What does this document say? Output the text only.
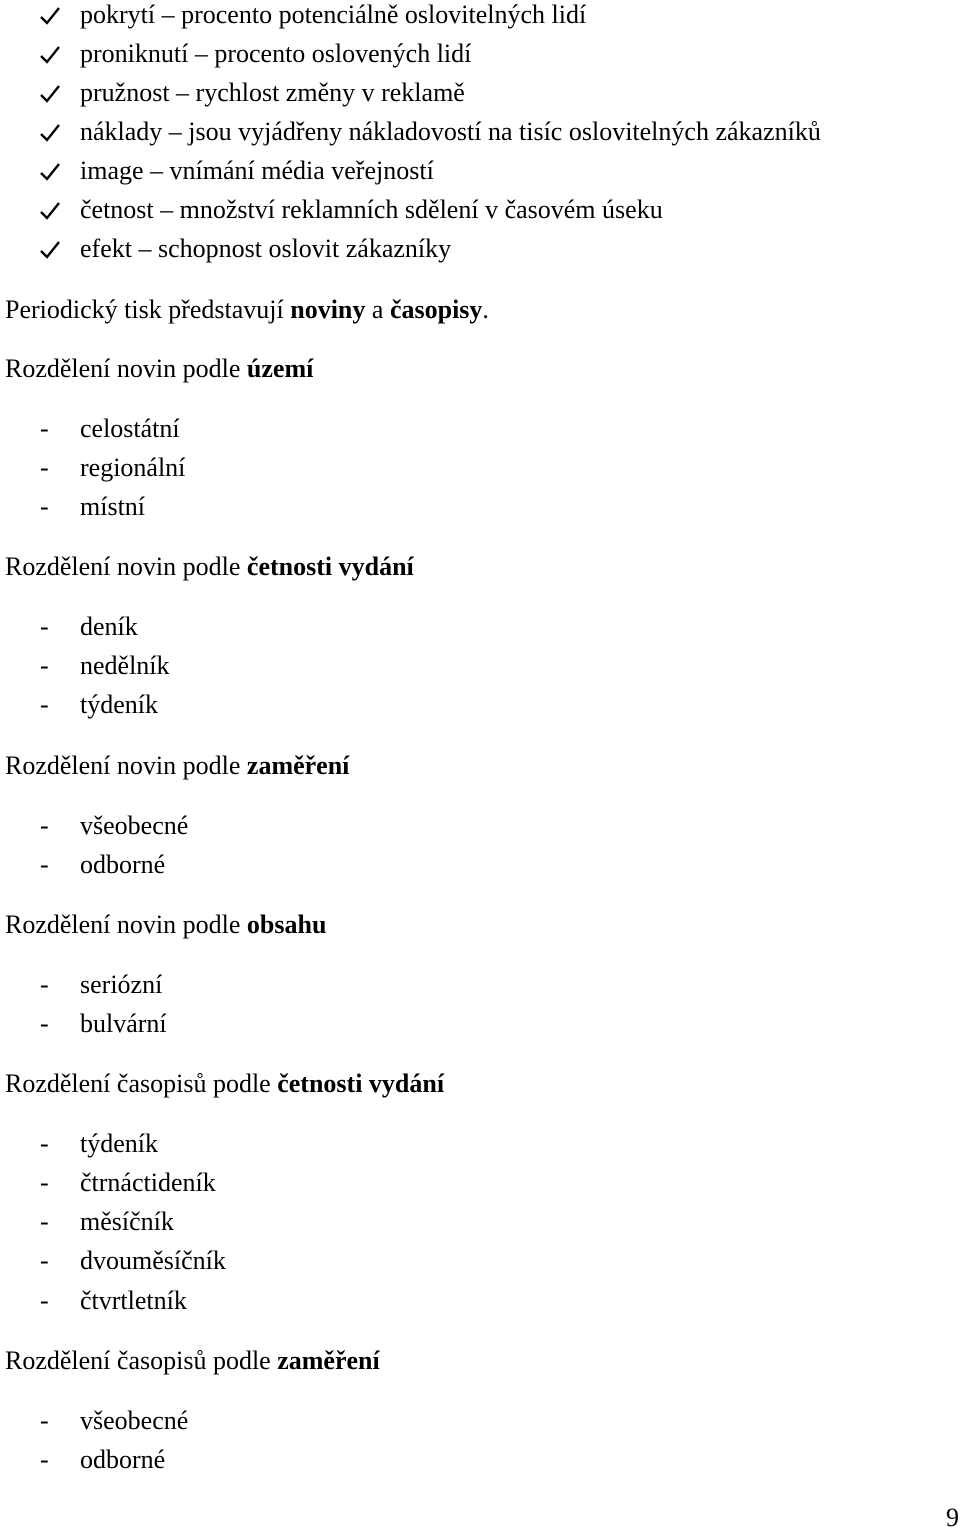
pokrytí – procento potenciálně oslovitelných lidí
proniknutí – procento oslovených lidí
pružnost – rychlost změny v reklamě
náklady – jsou vyjádřeny nákladovostí na tisíc oslovitelných zákazníků
image – vnímání média veřejností
četnost – množství reklamních sdělení v časovém úseku
efekt – schopnost oslovit zákazníky
Periodický tisk představují noviny a časopisy.
Rozdělení novin podle území
- celostátní
- regionální
- místní
Rozdělení novin podle četnosti vydání
- deník
- nedělník
- týdeník
Rozdělení novin podle zaměření
- všeobecné
- odborné
Rozdělení novin podle obsahu
- seriózní
- bulvární
Rozdělení časopisů podle četnosti vydání
- týdeník
- čtrnáctideník
- měsíčník
- dvouměsíčník
- čtvrtletník
Rozdělení časopisů podle zaměření
- všeobecné
- odborné
9
